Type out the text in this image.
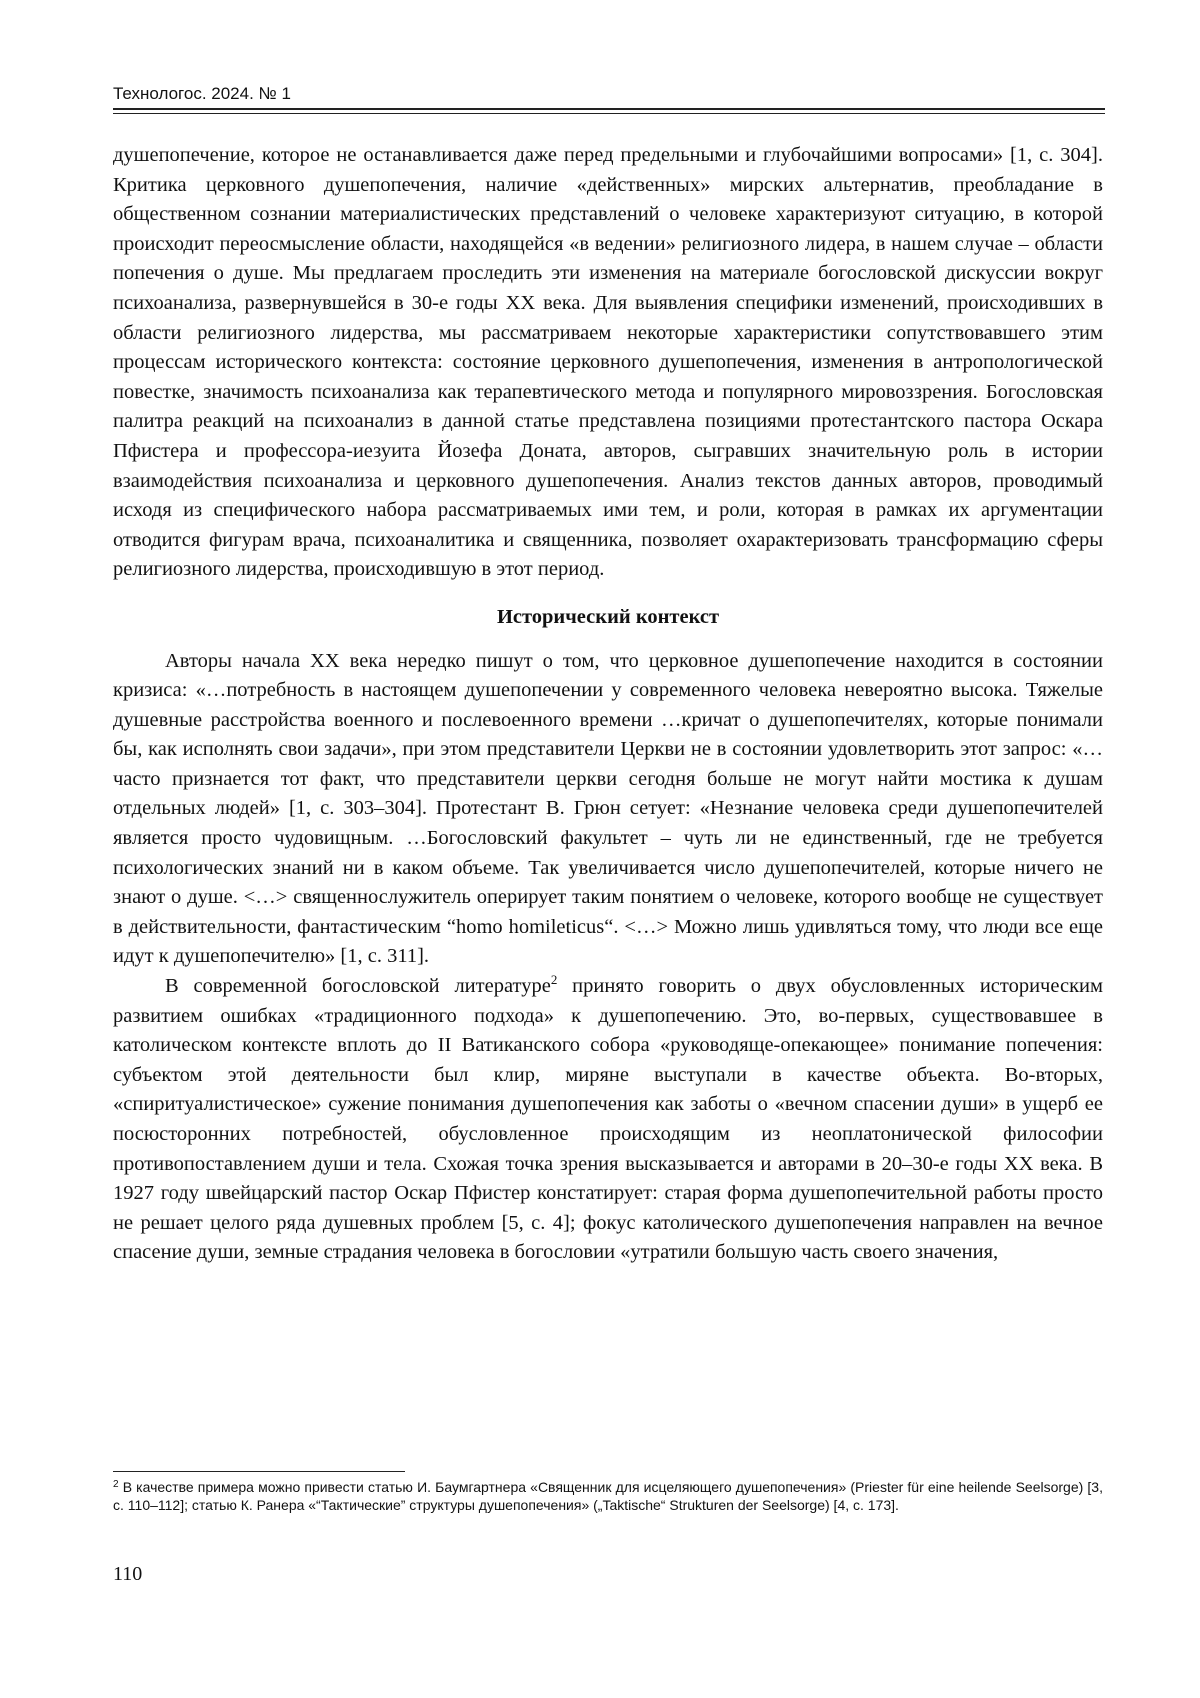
Технологос. 2024. № 1

душепопечение, которое не останавливается даже перед предельными и глубочайшими вопросами» [1, с. 304]. Критика церковного душепопечения, наличие «действенных» мирских альтернатив, преобладание в общественном сознании материалистических представлений о человеке характеризуют ситуацию, в которой происходит переосмысление области, находящейся «в ведении» религиозного лидера, в нашем случае – области попечения о душе. Мы предлагаем проследить эти изменения на материале богословской дискуссии вокруг психоанализа, развернувшейся в 30-е годы XX века. Для выявления специфики изменений, происходивших в области религиозного лидерства, мы рассматриваем некоторые характеристики сопутствовавшего этим процессам исторического контекста: состояние церковного душепопечения, изменения в антропологической повестке, значимость психоанализа как терапевтического метода и популярного мировоззрения. Богословская палитра реакций на психоанализ в данной статье представлена позициями протестантского пастора Оскара Пфистера и профессора-иезуита Йозефа Доната, авторов, сыгравших значительную роль в истории взаимодействия психоанализа и церковного душепопечения. Анализ текстов данных авторов, проводимый исходя из специфического набора рассматриваемых ими тем, и роли, которая в рамках их аргументации отводится фигурам врача, психоаналитика и священника, позволяет охарактеризовать трансформацию сферы религиозного лидерства, происходившую в этот период.

Исторический контекст

Авторы начала XX века нередко пишут о том, что церковное душепопечение находится в состоянии кризиса: «…потребность в настоящем душепопечении у современного человека невероятно высока. Тяжелые душевные расстройства военного и послевоенного времени …кричат о душепопечителях, которые понимали бы, как исполнять свои задачи», при этом представители Церкви не в состоянии удовлетворить этот запрос: «…часто признается тот факт, что представители церкви сегодня больше не могут найти мостика к душам отдельных людей» [1, с. 303–304]. Протестант В. Грюн сетует: «Незнание человека среди душепопечителей является просто чудовищным. …Богословский факультет – чуть ли не единственный, где не требуется психологических знаний ни в каком объеме. Так увеличивается число душепопечителей, которые ничего не знают о душе. <…> священнослужитель оперирует таким понятием о человеке, которого вообще не существует в действительности, фантастическим “homo homileticus“. <…> Можно лишь удивляться тому, что люди все еще идут к душепопечителю» [1, с. 311].

В современной богословской литературе$^2$ принято говорить о двух обусловленных историческим развитием ошибках «традиционного подхода» к душепопечению. Это, во-первых, существовавшее в католическом контексте вплоть до II Ватиканского собора «руководяще-опекающее» понимание попечения: субъектом этой деятельности был клир, миряне выступали в качестве объекта. Во-вторых, «спиритуалистическое» сужение понимания душепопечения как заботы о «вечном спасении души» в ущерб ее посюсторонних потребностей, обусловленное происходящим из неоплатонической философии противопоставлением души и тела. Схожая точка зрения высказывается и авторами в 20–30-е годы XX века. В 1927 году швейцарский пастор Оскар Пфистер констатирует: старая форма душепопечительной работы просто не решает целого ряда душевных проблем [5, с. 4]; фокус католического душепопечения направлен на вечное спасение души, земные страдания человека в богословии «утратили большую часть своего значения,

$^2$ В качестве примера можно привести статью И. Баумгартнера «Священник для исцеляющего душепопечения» (Priester für eine heilende Seelsorge) [3, с. 110–112]; статью К. Ранера «“Тактические” структуры душепопечения» („Taktische“ Strukturen der Seelsorge) [4, с. 173].
110
